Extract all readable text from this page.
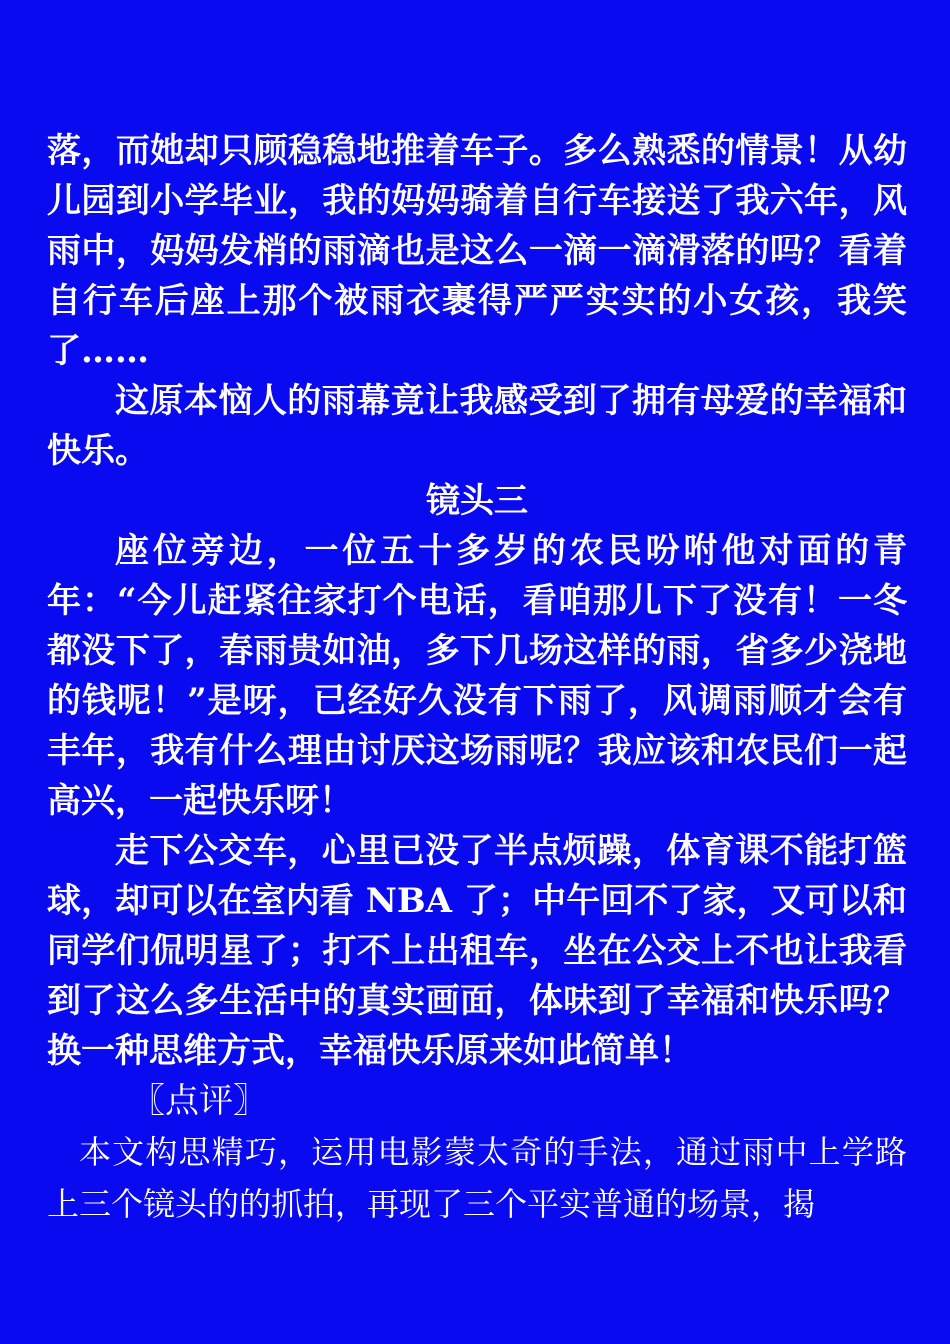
落，而她却只顾稳稳地推着车子。多么熟悉的情景！从幼儿园到小学毕业，我的妈妈骑着自行车接送了我六年，风雨中，妈妈发梢的雨滴也是这么一滴一滴滑落的吗？看着自行车后座上那个被雨衣裹得严严实实的小女孩，我笑了……

这原本恼人的雨幕竟让我感受到了拥有母爱的幸福和快乐。

镜头三

座位旁边，一位五十多岁的农民吩咐他对面的青年：“今儿赶紧往家打个电话，看咱那儿下了没有！一冬都没下了，春雨贵如油，多下几场这样的雨，省多少浇地的钱呢！”是呀，已经好久没有下雨了，风调雨顺才会有丰年，我有什么理由讨厌这场雨呢？我应该和农民们一起高兴，一起快乐呀！

走下公交车，心里已没了半点烦躁，体育课不能打篮球，却可以在室内看 NBA 了；中午回不了家，又可以和同学们侃明星了；打不上出租车，坐在公交上不也让我看到了这么多生活中的真实画面，体味到了幸福和快乐吗？换一种思维方式，幸福快乐原来如此简单！

〖点评〗

本文构思精巧，运用电影蒙太奇的手法，通过雨中上学路上三个镜头的的抓拍，再现了三个平实普通的场景，揭
